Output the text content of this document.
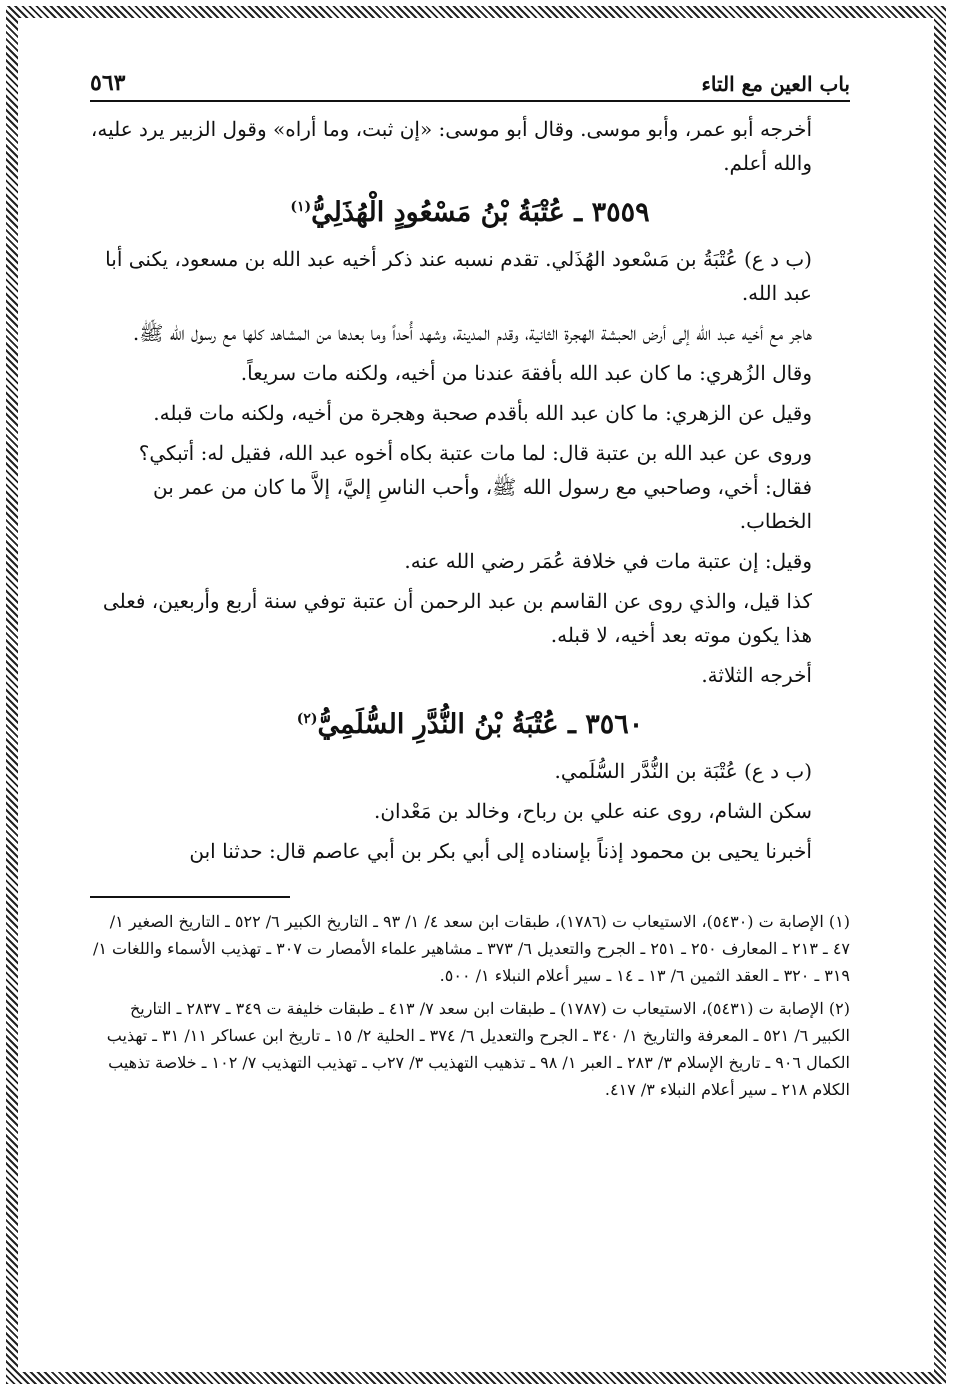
باب العين مع التاء
٥٦٣

أخرجه أبو عمر، وأبو موسى. وقال أبو موسى: «إن ثبت، وما أراه» وقول الزبير يرد عليه، والله أعلم.

٣٥٥٩ ـ عُتْبَةُ بْنُ مَسْعُودٍ الْهُذَلِيُّ$^{(١)}$

(ب د ع) عُتْبَةُ بن مَسْعود الهُذَلي. تقدم نسبه عند ذكر أخيه عبد الله بن مسعود، يكنى أبا عبد الله.

هاجر مع أخيه عبد الله إلى أرض الحبشة الهجرة الثانية، وقدم المدينة، وشهد أُحداً وما بعدها من المشاهد كلها مع رسول الله ﷺ.

وقال الزُهري: ما كان عبد الله بأفقهَ عندنا من أخيه، ولكنه مات سريعاً.

وقيل عن الزهري: ما كان عبد الله بأقدم صحبة وهجرة من أخيه، ولكنه مات قبله.

وروى عن عبد الله بن عتبة قال: لما مات عتبة بكاه أخوه عبد الله، فقيل له: أتبكي؟ فقال: أخي، وصاحبي مع رسول الله ﷺ، وأحب الناسِ إليَّ، إلاَّ ما كان من عمر بن الخطاب.

وقيل: إن عتبة مات في خلافة عُمَر رضي الله عنه.

كذا قيل، والذي روى عن القاسم بن عبد الرحمن أن عتبة توفي سنة أربع وأربعين، فعلى هذا يكون موته بعد أخيه، لا قبله.

أخرجه الثلاثة.

٣٥٦٠ ـ عُتْبَةُ بْنُ النُّدَّرِ السُّلَمِيُّ$^{(٢)}$

(ب د ع) عُتْبَة بن النُّدَّر السُّلَمي.

سكن الشام، روى عنه علي بن رباح، وخالد بن مَعْدان.

أخبرنا يحيى بن محمود إذناً بإسناده إلى أبي بكر بن أبي عاصم قال: حدثنا ابن

(١) الإصابة ت (٥٤٣٠)، الاستيعاب ت (١٧٨٦)، طبقات ابن سعد ٤/ ١/ ٩٣ ـ التاريخ الكبير ٦/ ٥٢٢ ـ التاريخ الصغير ١/ ٤٧ ـ ٢١٣ ـ المعارف ٢٥٠ ـ ٢٥١ ـ الجرح والتعديل ٦/ ٣٧٣ ـ مشاهير علماء الأمصار ت ٣٠٧ ـ تهذيب الأسماء واللغات ١/ ٣١٩ ـ ٣٢٠ ـ العقد الثمين ٦/ ١٣ ـ ١٤ ـ سير أعلام النبلاء ١/ ٥٠٠.

(٢) الإصابة ت (٥٤٣١)، الاستيعاب ت (١٧٨٧) ـ طبقات ابن سعد ٧/ ٤١٣ ـ طبقات خليفة ت ٣٤٩ ـ ٢٨٣٧ ـ التاريخ الكبير ٦/ ٥٢١ ـ المعرفة والتاريخ ١/ ٣٤٠ ـ الجرح والتعديل ٦/ ٣٧٤ ـ الحلية ٢/ ١٥ ـ تاريخ ابن عساكر ١١/ ٣١ ـ تهذيب الكمال ٩٠٦ ـ تاريخ الإسلام ٣/ ٢٨٣ ـ العبر ١/ ٩٨ ـ تذهيب التهذيب ٣/ ٢٧ب ـ تهذيب التهذيب ٧/ ١٠٢ ـ خلاصة تذهيب الكلام ٢١٨ ـ سير أعلام النبلاء ٣/ ٤١٧.
